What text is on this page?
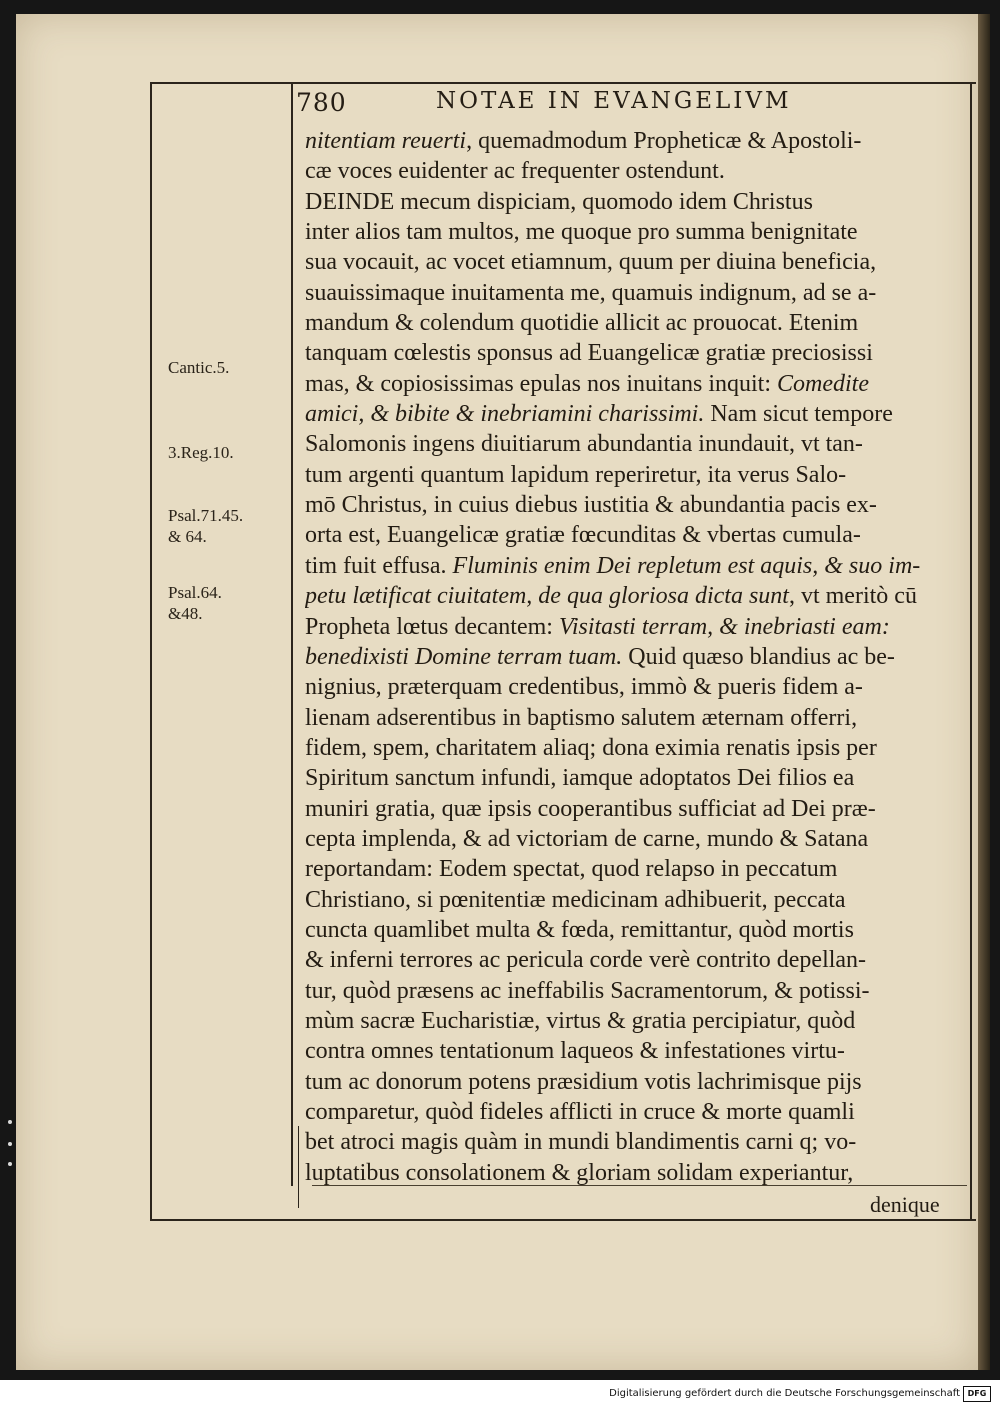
780	NOTAE IN EVANGELIVM
Cantic.5.
3.Reg.10.
Psal.71.45.
& 64.
Psal.64.
&48.
nitentiam reuerti, quemadmodum Propheticæ & Apostoli-
cæ voces euidenter ac frequenter ostendunt.
DEINDE mecum dispiciam, quomodo idem Christus
inter alios tam multos, me quoque pro summa benignitate
sua vocauit, ac vocet etiamnum, quum per diuina beneficia,
suauissimaque inuitamenta me, quamuis indignum, ad se a-
mandum & colendum quotidie allicit ac prouocat. Etenim
tanquam cœlestis sponsus ad Euangelicæ gratiæ preciosissi
mas, & copiosissimas epulas nos inuitans inquit: Comedite
amici, & bibite & inebriamini charissimi. Nam sicut tempore
Salomonis ingens diuitiarum abundantia inundauit, vt tan-
tum argenti quantum lapidum reperiretur, ita verus Salo-
mō Christus, in cuius diebus iustitia & abundantia pacis ex-
orta est, Euangelicæ gratiæ fœcunditas & vbertas cumula-
tim fuit effusa. Fluminis enim Dei repletum est aquis, & suo im-
petu lætificat ciuitatem, de qua gloriosa dicta sunt, vt meritò cū
Propheta lœtus decantem: Visitasti terram, & inebriasti eam:
benedixisti Domine terram tuam. Quid quæso blandius ac be-
nignius, præterquam credentibus, immò & pueris fidem a-
lienam adserentibus in baptismo salutem æternam offerri,
fidem, spem, charitatem aliaq; dona eximia renatis ipsis per
Spiritum sanctum infundi, iamque adoptatos Dei filios ea
muniri gratia, quæ ipsis cooperantibus sufficiat ad Dei præ-
cepta implenda, & ad victoriam de carne, mundo & Satana
reportandam: Eodem spectat, quod relapso in peccatum
Christiano, si pœnitentiæ medicinam adhibuerit, peccata
cuncta quamlibet multa & fœda, remittantur, quòd mortis
& inferni terrores ac pericula corde verè contrito depellan-
tur, quòd præsens ac ineffabilis Sacramentorum, & potissi-
mùm sacræ Eucharistiæ, virtus & gratia percipiatur, quòd
contra omnes tentationum laqueos & infestationes virtu-
tum ac donorum potens præsidium votis lachrimisque pijs
comparetur, quòd fideles afflicti in cruce & morte quamli
bet atroci magis quàm in mundi blandimentis carni q; vo-
luptatibus consolationem & gloriam solidam experiantur,
denique
Digitalisierung gefördert durch die Deutsche Forschungsgemeinschaft DFG
